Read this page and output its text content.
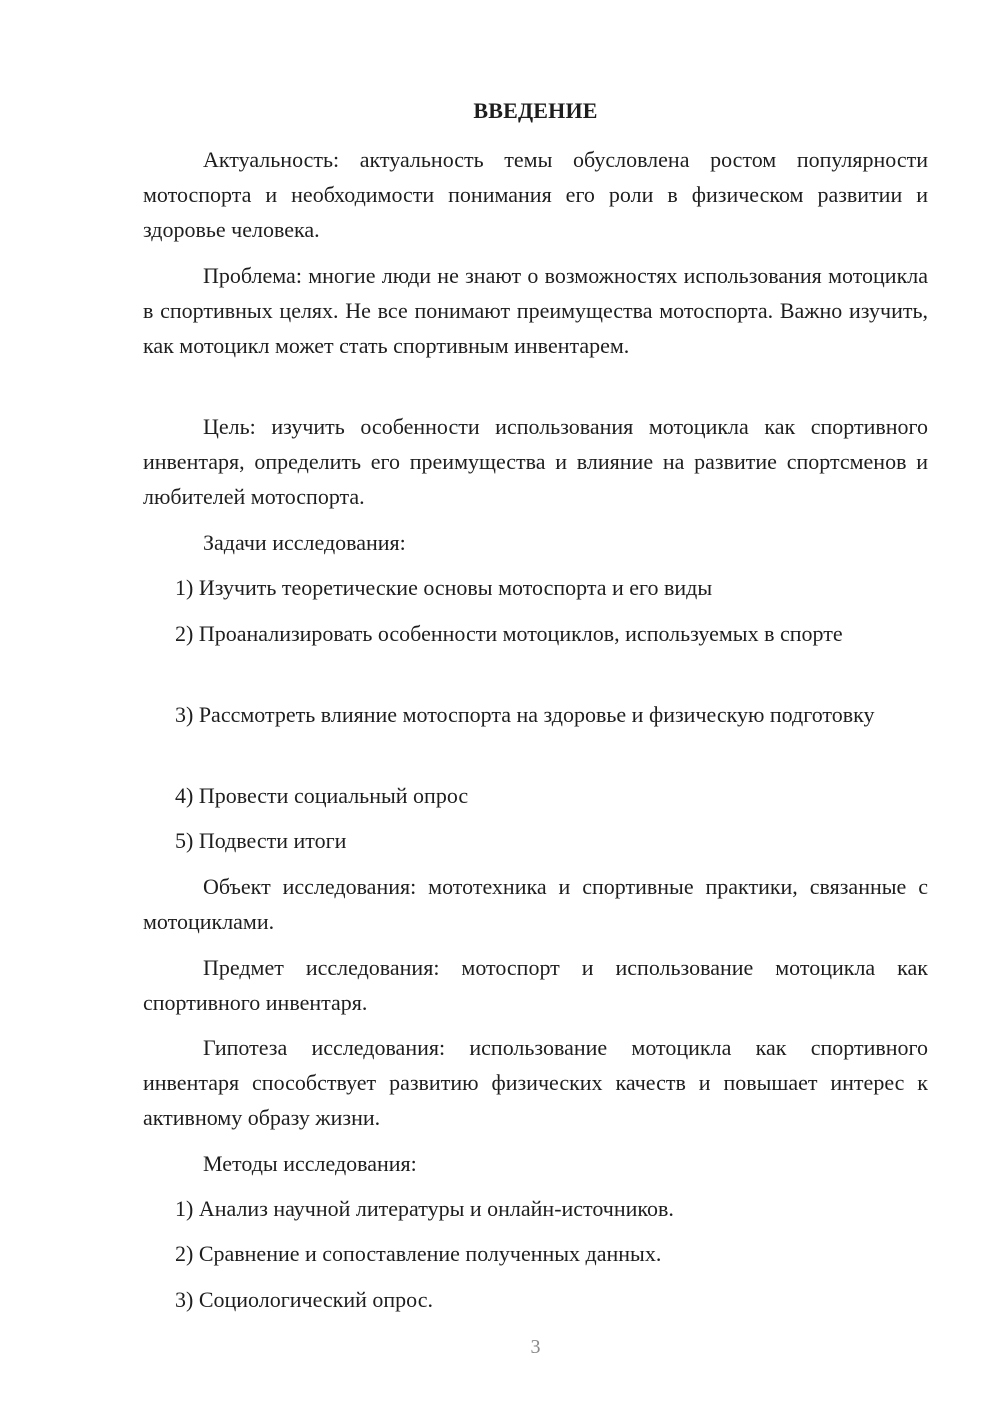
ВВЕДЕНИЕ

Актуальность: актуальность темы обусловлена ростом популярности мотоспорта и необходимости понимания его роли в физическом развитии и здоровье человека.

Проблема: многие люди не знают о возможностях использования мотоцикла в спортивных целях. Не все понимают преимущества мотоспорта. Важно изучить, как мотоцикл может стать спортивным инвентарем.

Цель: изучить особенности использования мотоцикла как спортивного инвентаря, определить его преимущества и влияние на развитие спортсменов и любителей мотоспорта.

Задачи исследования:

1) Изучить теоретические основы мотоспорта и его виды

2) Проанализировать особенности мотоциклов, используемых в спорте

3) Рассмотреть влияние мотоспорта на здоровье и физическую подготовку

4) Провести социальный опрос

5) Подвести итоги

Объект исследования: мототехника и спортивные практики, связанные с мотоциклами.

Предмет исследования: мотоспорт и использование мотоцикла как спортивного инвентаря.

Гипотеза исследования: использование мотоцикла как спортивного инвентаря способствует развитию физических качеств и повышает интерес к активному образу жизни.

Методы исследования:

1) Анализ научной литературы и онлайн-источников.

2) Сравнение и сопоставление полученных данных.

3) Социологический опрос.

3
